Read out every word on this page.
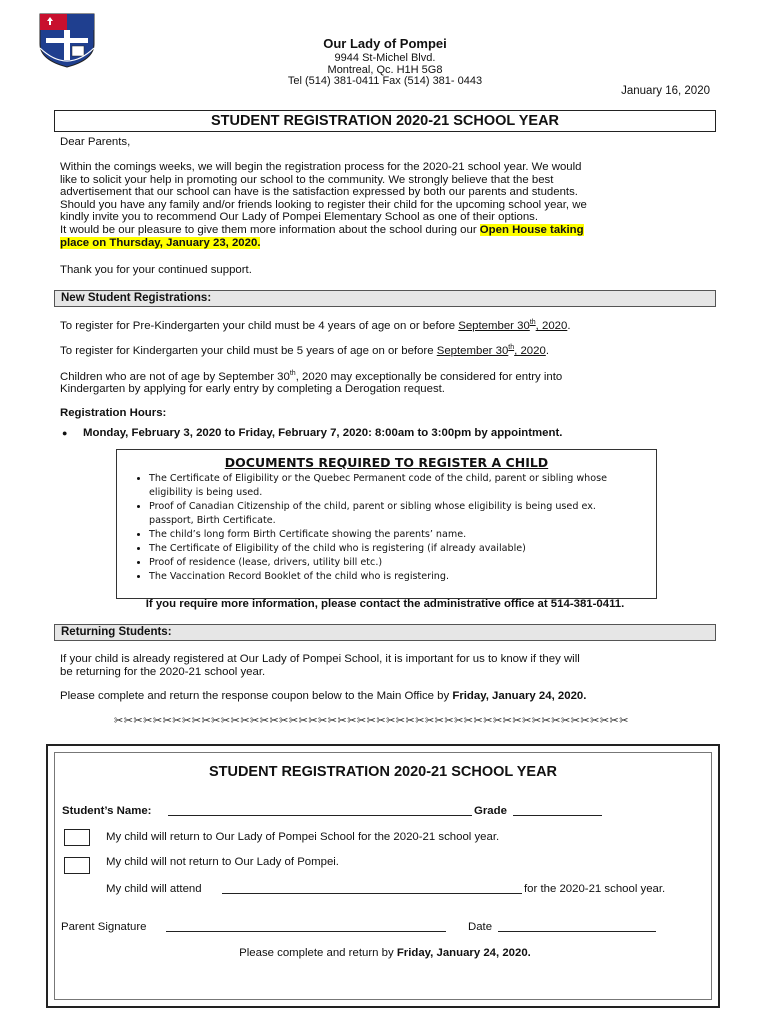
Our Lady of Pompei
9944 St-Michel Blvd.
Montreal, Qc. H1H 5G8
Tel (514) 381-0411 Fax (514) 381- 0443
January 16, 2020
STUDENT REGISTRATION 2020-21 SCHOOL YEAR
Dear Parents,
Within the comings weeks, we will begin the registration process for the 2020-21 school year. We would
like to solicit your help in promoting our school to the community. We strongly believe that the best
advertisement that our school can have is the satisfaction expressed by both our parents and students.
Should you have any family and/or friends looking to register their child for the upcoming school year, we
kindly invite you to recommend Our Lady of Pompei Elementary School as one of their options.
It would be our pleasure to give them more information about the school during our Open House taking
place on Thursday, January 23, 2020.
Thank you for your continued support.
New Student Registrations:
To register for Pre-Kindergarten your child must be 4 years of age on or before September 30th, 2020.
To register for Kindergarten your child must be 5 years of age on or before September 30th, 2020.
Children who are not of age by September 30th, 2020 may exceptionally be considered for entry into
Kindergarten by applying for early entry by completing a Derogation request.
Registration Hours:
● Monday, February 3, 2020 to Friday, February 7, 2020: 8:00am to 3:00pm by appointment.
DOCUMENTS REQUIRED TO REGISTER A CHILD
• The Certificate of Eligibility or the Quebec Permanent code of the child, parent or sibling whose eligibility is being used.
• Proof of Canadian Citizenship of the child, parent or sibling whose eligibility is being used ex. passport, Birth Certificate.
• The child’s long form Birth Certificate showing the parents’ name.
• The Certificate of Eligibility of the child who is registering (if already available)
• Proof of residence (lease, drivers, utility bill etc.)
• The Vaccination Record Booklet of the child who is registering.
If you require more information, please contact the administrative office at 514-381-0411.
Returning Students:
If your child is already registered at Our Lady of Pompei School, it is important for us to know if they will
be returning for the 2020-21 school year.
Please complete and return the response coupon below to the Main Office by Friday, January 24, 2020.
✂✂✂✂✂✂✂✂✂✂✂✂✂✂✂✂✂✂✂✂✂✂✂✂✂✂✂✂✂✂✂✂✂✂✂✂✂✂✂✂✂✂✂✂✂✂✂✂✂✂✂✂✂
STUDENT REGISTRATION 2020-21 SCHOOL YEAR
Student’s Name:	Grade
My child will return to Our Lady of Pompei School for the 2020-21 school year.
My child will not return to Our Lady of Pompei.
My child will attend	for the 2020-21 school year.
Parent Signature	Date
Please complete and return by Friday, January 24, 2020.
